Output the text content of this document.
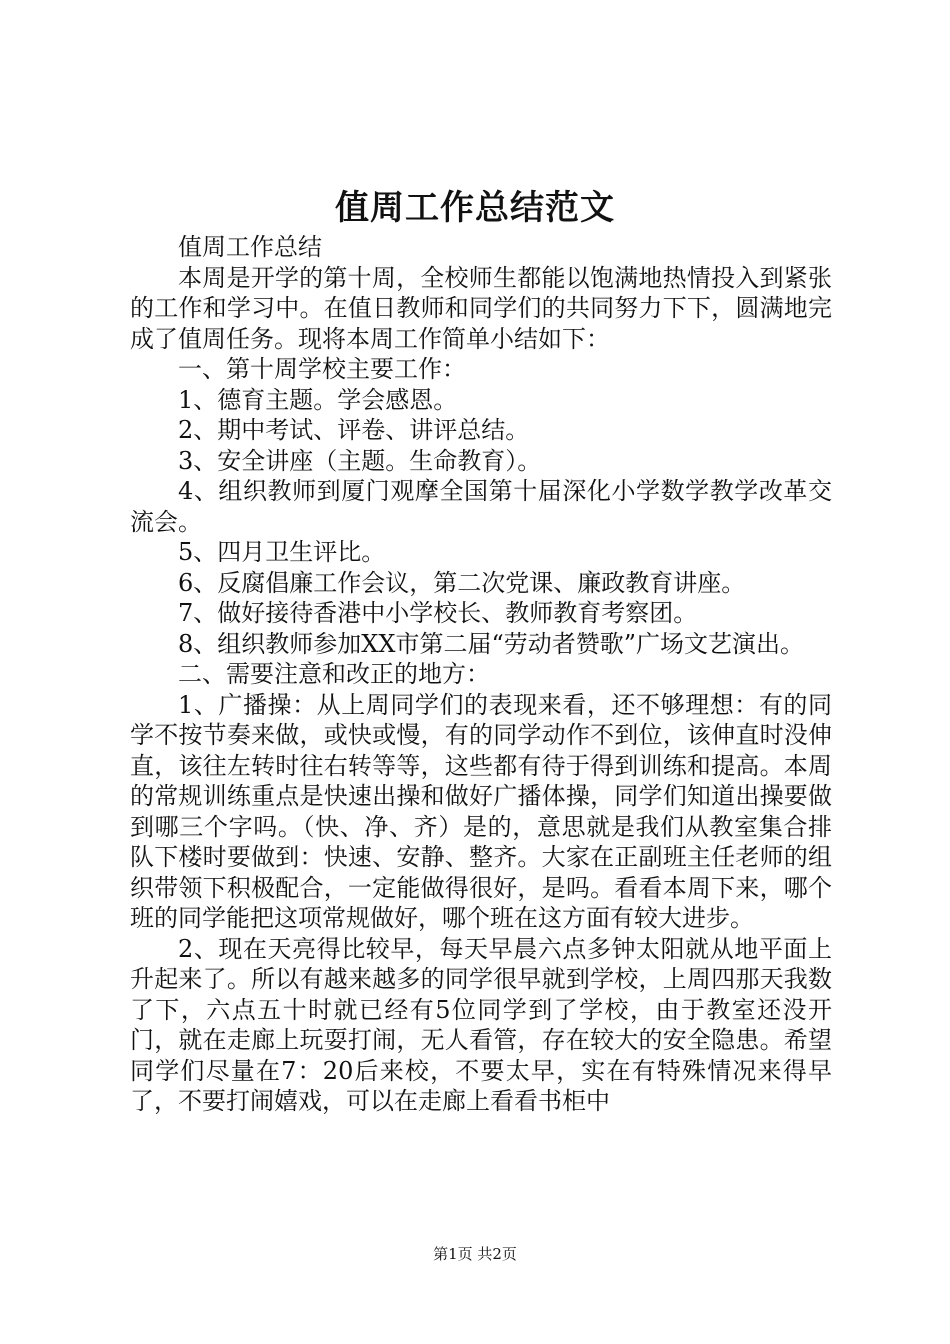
值周工作总结范文

值周工作总结

本周是开学的第十周，全校师生都能以饱满地热情投入到紧张的工作和学习中。在值日教师和同学们的共同努力下下，圆满地完成了值周任务。现将本周工作简单小结如下：

一、第十周学校主要工作：

1、德育主题。学会感恩。

2、期中考试、评卷、讲评总结。

3、安全讲座（主题。生命教育）。

4、组织教师到厦门观摩全国第十届深化小学数学教学改革交流会。

5、四月卫生评比。

6、反腐倡廉工作会议，第二次党课、廉政教育讲座。

7、做好接待香港中小学校长、教师教育考察团。

8、组织教师参加XX市第二届“劳动者赞歌”广场文艺演出。

二、需要注意和改正的地方：

1、广播操：从上周同学们的表现来看，还不够理想：有的同学不按节奏来做，或快或慢，有的同学动作不到位，该伸直时没伸直，该往左转时往右转等等，这些都有待于得到训练和提高。本周的常规训练重点是快速出操和做好广播体操，同学们知道出操要做到哪三个字吗。（快、净、齐）是的，意思就是我们从教室集合排队下楼时要做到：快速、安静、整齐。大家在正副班主任老师的组织带领下积极配合，一定能做得很好，是吗。看看本周下来，哪个班的同学能把这项常规做好，哪个班在这方面有较大进步。

2、现在天亮得比较早，每天早晨六点多钟太阳就从地平面上升起来了。所以有越来越多的同学很早就到学校，上周四那天我数了下，六点五十时就已经有5位同学到了学校，由于教室还没开门，就在走廊上玩耍打闹，无人看管，存在较大的安全隐患。希望同学们尽量在7：20后来校，不要太早，实在有特殊情况来得早了，不要打闹嬉戏，可以在走廊上看看书柜中

第1页 共2页
